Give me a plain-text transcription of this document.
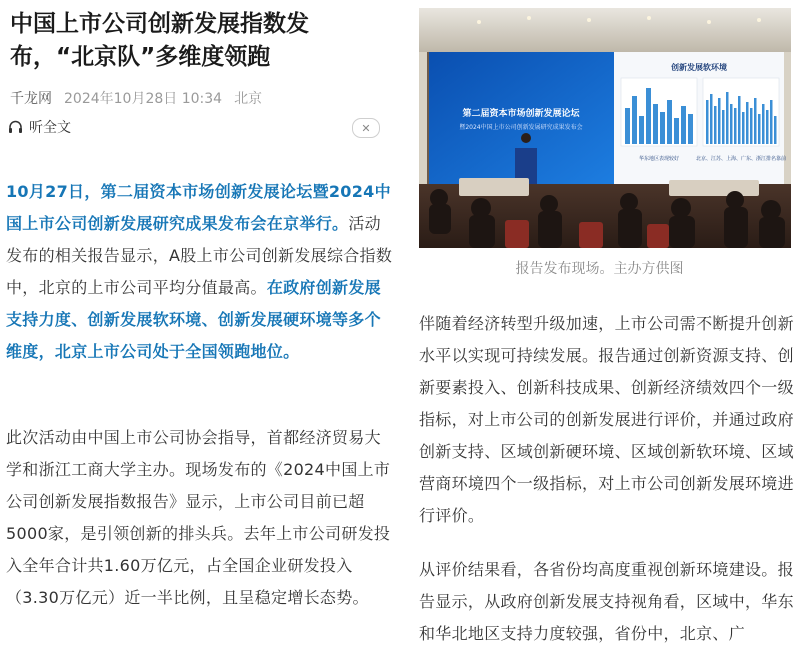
中国上市公司创新发展指数发布，“北京队”多维度领跑
千龙网 2024年10月28日 10:34 北京
听全文	✕

10月27日，第二届资本市场创新发展论坛暨2024中国上市公司创新发展研究成果发布会在京举行。活动发布的相关报告显示，A股上市公司创新发展综合指数中，北京的上市公司平均分值最高。在政府创新发展支持力度、创新发展软环境、创新发展硬环境等多个维度，北京上市公司处于全国领跑地位。

此次活动由中国上市公司协会指导，首都经济贸易大学和浙江工商大学主办。现场发布的《2024中国上市公司创新发展指数报告》显示，上市公司目前已超5000家，是引领创新的排头兵。去年上市公司研发投入全年合计共1.60万亿元，占全国企业研发投入（3.30万亿元）近一半比例，且呈稳定增长态势。

第二届资本市场创新发展论坛
暨2024中国上市公司创新发展研究成果发布会
创新发展软环境
华东地区表现较好	北京、江苏、上海、广东、浙江排名靠前
报告发布现场。主办方供图

伴随着经济转型升级加速，上市公司需不断提升创新水平以实现可持续发展。报告通过创新资源支持、创新要素投入、创新科技成果、创新经济绩效四个一级指标，对上市公司的创新发展进行评价，并通过政府创新支持、区域创新硬环境、区域创新软环境、区域营商环境四个一级指标，对上市公司创新发展环境进行评价。

从评价结果看，各省份均高度重视创新环境建设。报告显示，从政府创新发展支持视角看，区域中，华东和华北地区支持力度较强，省份中，北京、广
